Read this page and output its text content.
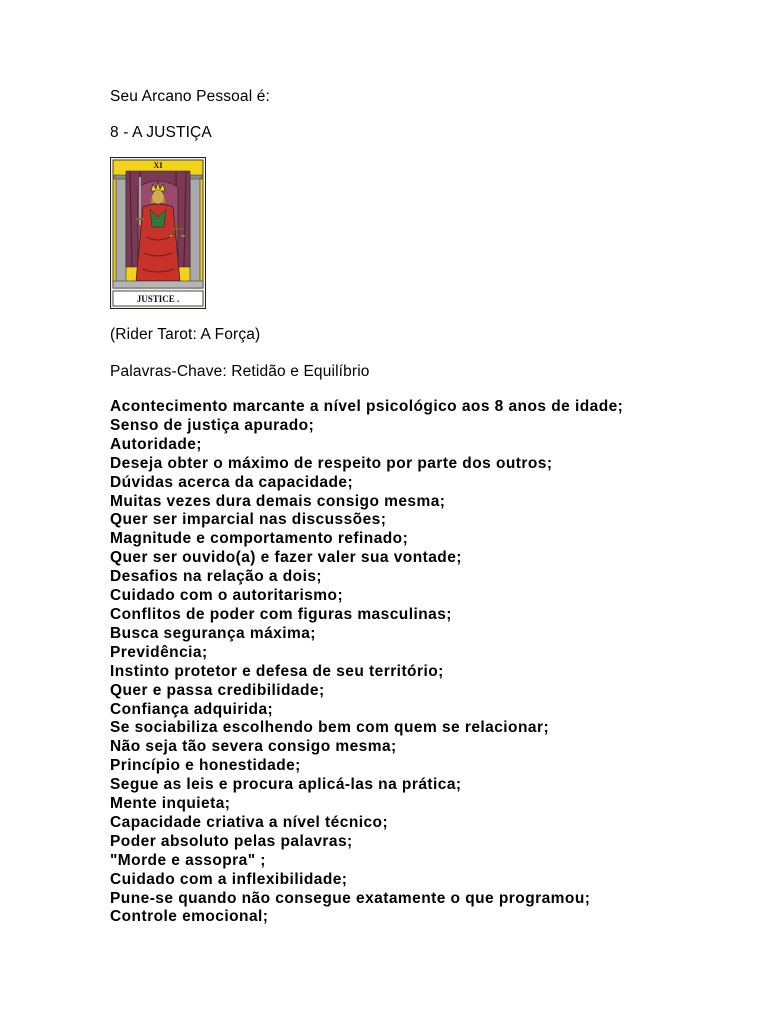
Seu Arcano Pessoal é:
8 - A JUSTIÇA
XI
JUSTICE .
(Rider Tarot: A Força)
Palavras-Chave: Retidão e Equilíbrio
Acontecimento marcante a nível psicológico aos 8 anos de idade;
Senso de justiça apurado;
Autoridade;
Deseja obter o máximo de respeito por parte dos outros;
Dúvidas acerca da capacidade;
Muitas vezes dura demais consigo mesma;
Quer ser imparcial nas discussões;
Magnitude e comportamento refinado;
Quer ser ouvido(a) e fazer valer sua vontade;
Desafios na relação a dois;
Cuidado com o autoritarismo;
Conflitos de poder com figuras masculinas;
Busca segurança máxima;
Previdência;
Instinto protetor e defesa de seu território;
Quer e passa credibilidade;
Confiança adquirida;
Se sociabiliza escolhendo bem com quem se relacionar;
Não seja tão severa consigo mesma;
Princípio e honestidade;
Segue as leis e procura aplicá-las na prática;
Mente inquieta;
Capacidade criativa a nível técnico;
Poder absoluto pelas palavras;
"Morde e assopra" ;
Cuidado com a inflexibilidade;
Pune-se quando não consegue exatamente o que programou;
Controle emocional;
